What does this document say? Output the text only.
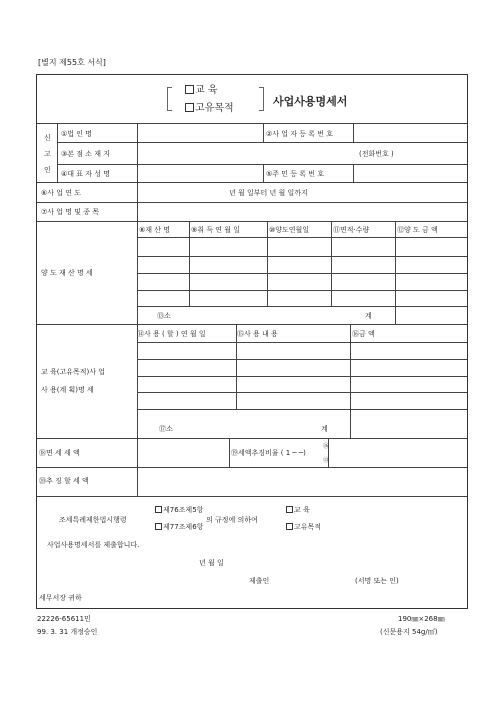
[별지 제55호 서식]
교 육
고유목적
사업사용명세서
신
고
인
①법 인 명	②사 업 자 등 록 번 호
③본 점 소 재 지	(전화번호 )
④대 표 자 성 명	⑤주 민 등 록 번 호
⑥사 업 연 도	년 월 일부터 년 월 일까지
⑦사 업 명 및 종 목
양 도 재 산 명 세
⑧재 산 명	⑨취 득 연 월 일	⑩양도연월일	⑪면적·수량	⑫양 도 금 액
⑬소	계
교 육(고유목적)사 업
사 용(계 획)명 세
⑭사 용 ( 할 ) 연 월 일	⑮사 용 내 용	⑯금 액
⑰소	계
⑱면 세 세 액	⑲세액추징비율 ( 1 ─ ─)
⑯
⑬
⑳추 징 할 세 액
조세특례제한법시행령
제76조제5항
제77조제6항
의 규정에 의하여
교 육
고유목적
사업사용명세서를 제출합니다.
년 월 일
제출인	(서명 또는 인)
세무서장 귀하
22226-65611민	190㎜×268㎜
99. 3. 31 개정승인	(신문용지 54g/㎡)
